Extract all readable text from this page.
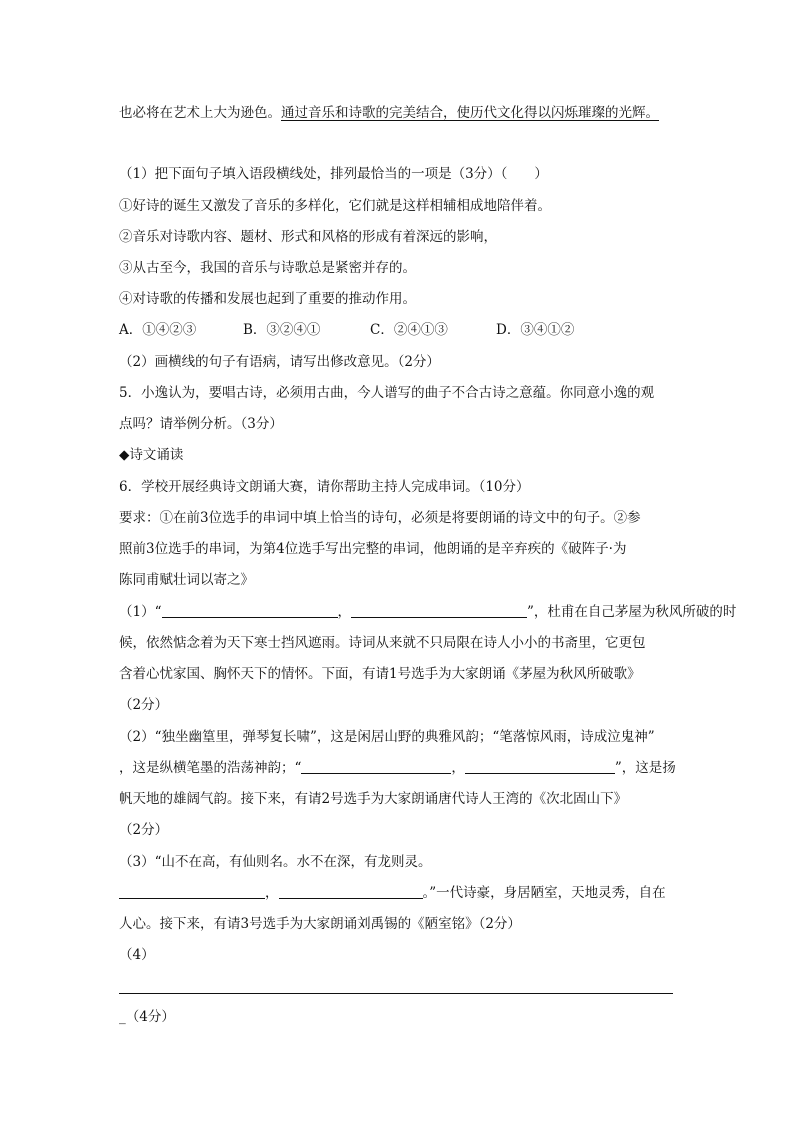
也必将在艺术上大为逊色。通过音乐和诗歌的完美结合，使历代文化得以闪烁璀璨的光辉。
（1）把下面句子填入语段横线处，排列最恰当的一项是（3分）（　　）
①好诗的诞生又激发了音乐的多样化，它们就是这样相辅相成地陪伴着。
②音乐对诗歌内容、题材、形式和风格的形成有着深远的影响，
③从古至今，我国的音乐与诗歌总是紧密并存的。
④对诗歌的传播和发展也起到了重要的推动作用。
A．①④②③	B．③②④①	C．②④①③	D．③④①②
（2）画横线的句子有语病，请写出修改意见。（2分）
5．小逸认为，要唱古诗，必须用古曲，今人谱写的曲子不合古诗之意蕴。你同意小逸的观
点吗？请举例分析。（3分）
◆诗文诵读
6．学校开展经典诗文朗诵大赛，请你帮助主持人完成串词。（10分）
要求：①在前3位选手的串词中填上恰当的诗句，必须是将要朗诵的诗文中的句子。②参
照前3位选手的串词，为第4位选手写出完整的串词，他朗诵的是辛弃疾的《破阵子·为
陈同甫赋壮词以寄之》
（1）“	，	”，杜甫在自己茅屋为秋风所破的时
候，依然惦念着为天下寒士挡风遮雨。诗词从来就不只局限在诗人小小的书斋里，它更包
含着心忧家国、胸怀天下的情怀。下面，有请1号选手为大家朗诵《茅屋为秋风所破歌》
（2分）
（2）“独坐幽篁里，弹琴复长啸”，这是闲居山野的典雅风韵；“笔落惊风雨，诗成泣鬼神”
，这是纵横笔墨的浩荡神韵；“	，	”，这是扬
帆天地的雄阔气韵。接下来，有请2号选手为大家朗诵唐代诗人王湾的《次北固山下》
（2分）
（3）“山不在高，有仙则名。水不在深，有龙则灵。
，	。”一代诗豪，身居陋室，天地灵秀，自在
人心。接下来，有请3号选手为大家朗诵刘禹锡的《陋室铭》（2分）
（4）
_（4分）
